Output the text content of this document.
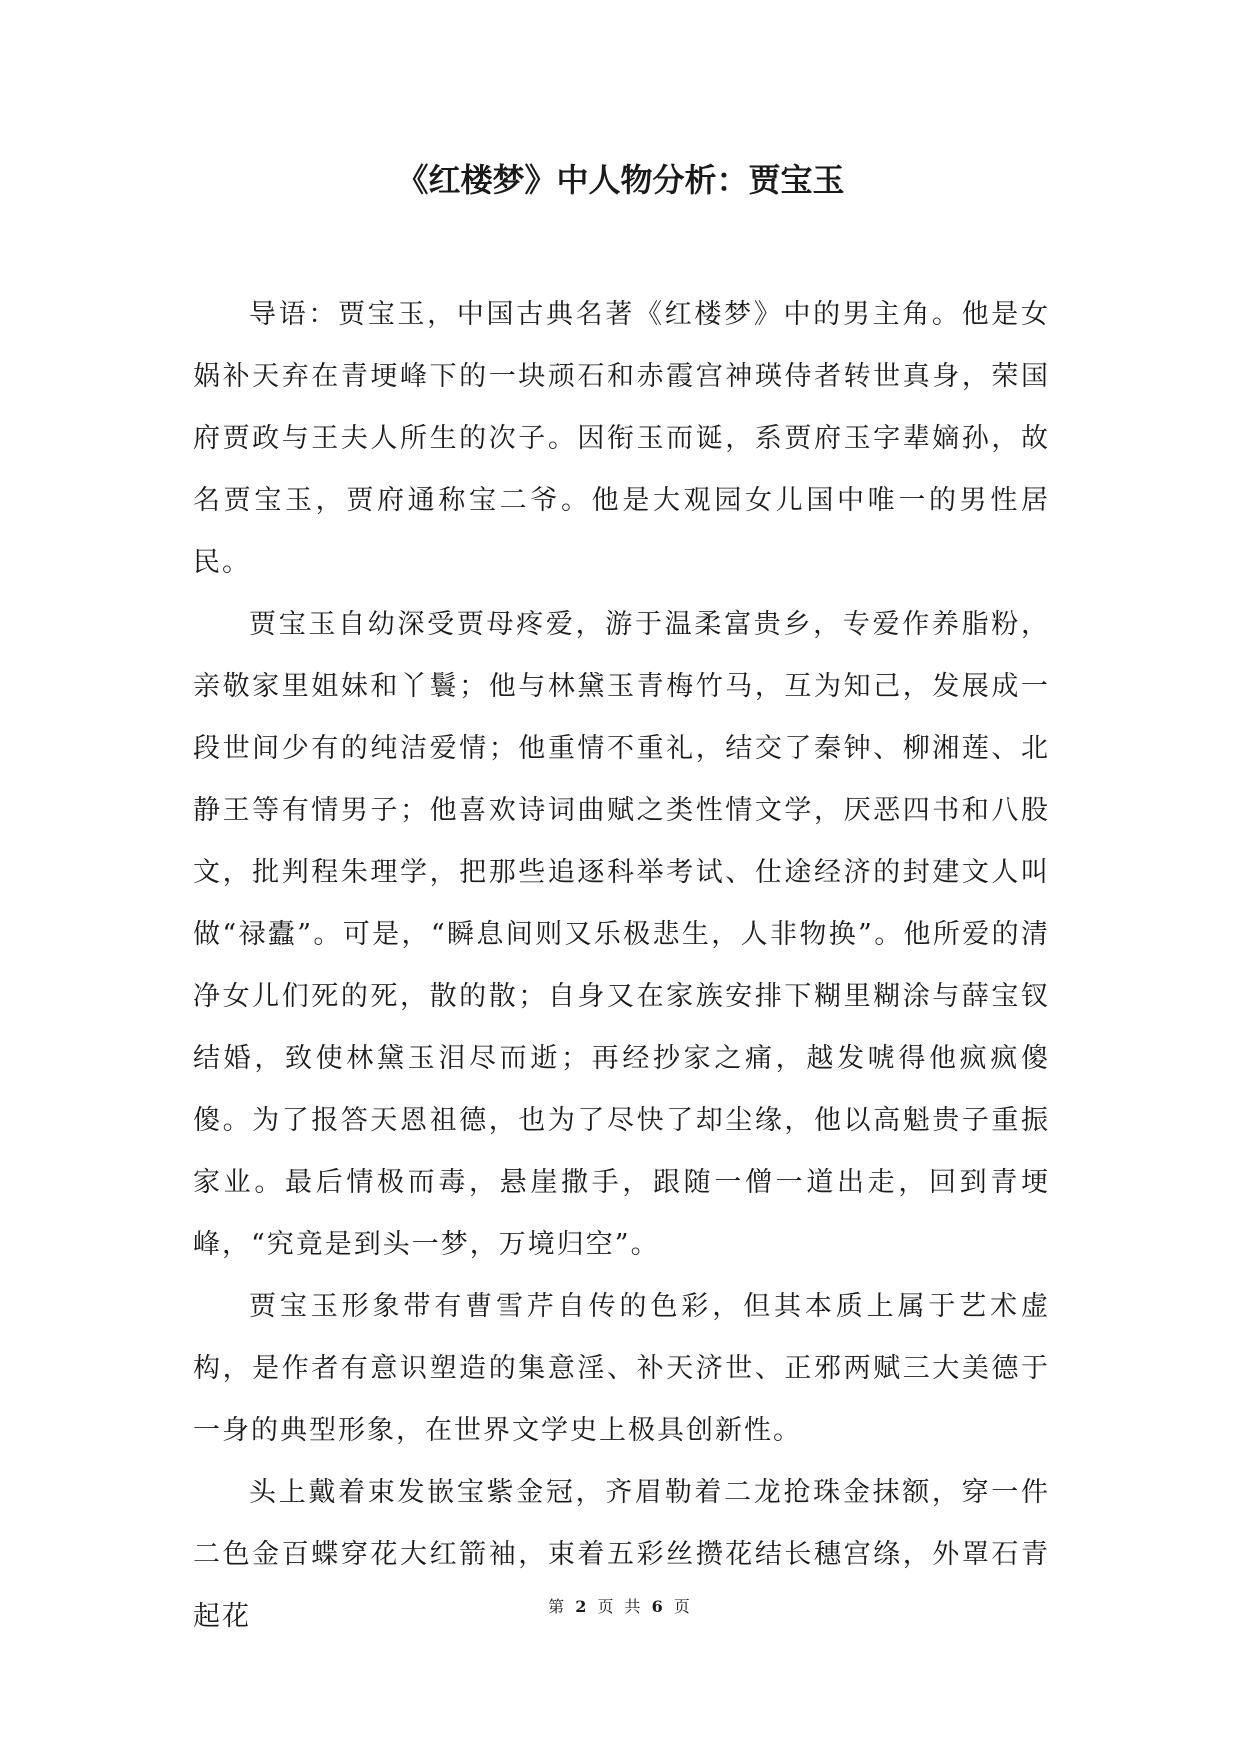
《红楼梦》中人物分析：贾宝玉

导语：贾宝玉，中国古典名著《红楼梦》中的男主角。他是女娲补天弃在青埂峰下的一块顽石和赤霞宫神瑛侍者转世真身，荣国府贾政与王夫人所生的次子。因衔玉而诞，系贾府玉字辈嫡孙，故名贾宝玉，贾府通称宝二爷。他是大观园女儿国中唯一的男性居民。

贾宝玉自幼深受贾母疼爱，游于温柔富贵乡，专爱作养脂粉，亲敬家里姐妹和丫鬟；他与林黛玉青梅竹马，互为知己，发展成一段世间少有的纯洁爱情；他重情不重礼，结交了秦钟、柳湘莲、北静王等有情男子；他喜欢诗词曲赋之类性情文学，厌恶四书和八股文，批判程朱理学，把那些追逐科举考试、仕途经济的封建文人叫做“禄蠹”。可是，“瞬息间则又乐极悲生，人非物换”。他所爱的清净女儿们死的死，散的散；自身又在家族安排下糊里糊涂与薛宝钗结婚，致使林黛玉泪尽而逝；再经抄家之痛，越发唬得他疯疯傻傻。为了报答天恩祖德，也为了尽快了却尘缘，他以高魁贵子重振家业。最后情极而毒，悬崖撒手，跟随一僧一道出走，回到青埂峰，“究竟是到头一梦，万境归空”。

贾宝玉形象带有曹雪芹自传的色彩，但其本质上属于艺术虚构，是作者有意识塑造的集意淫、补天济世、正邪两赋三大美德于一身的典型形象，在世界文学史上极具创新性。

头上戴着束发嵌宝紫金冠，齐眉勒着二龙抢珠金抹额，穿一件二色金百蝶穿花大红箭袖，束着五彩丝攒花结长穗宫绦，外罩石青起花	第 2 页 共 6 页
